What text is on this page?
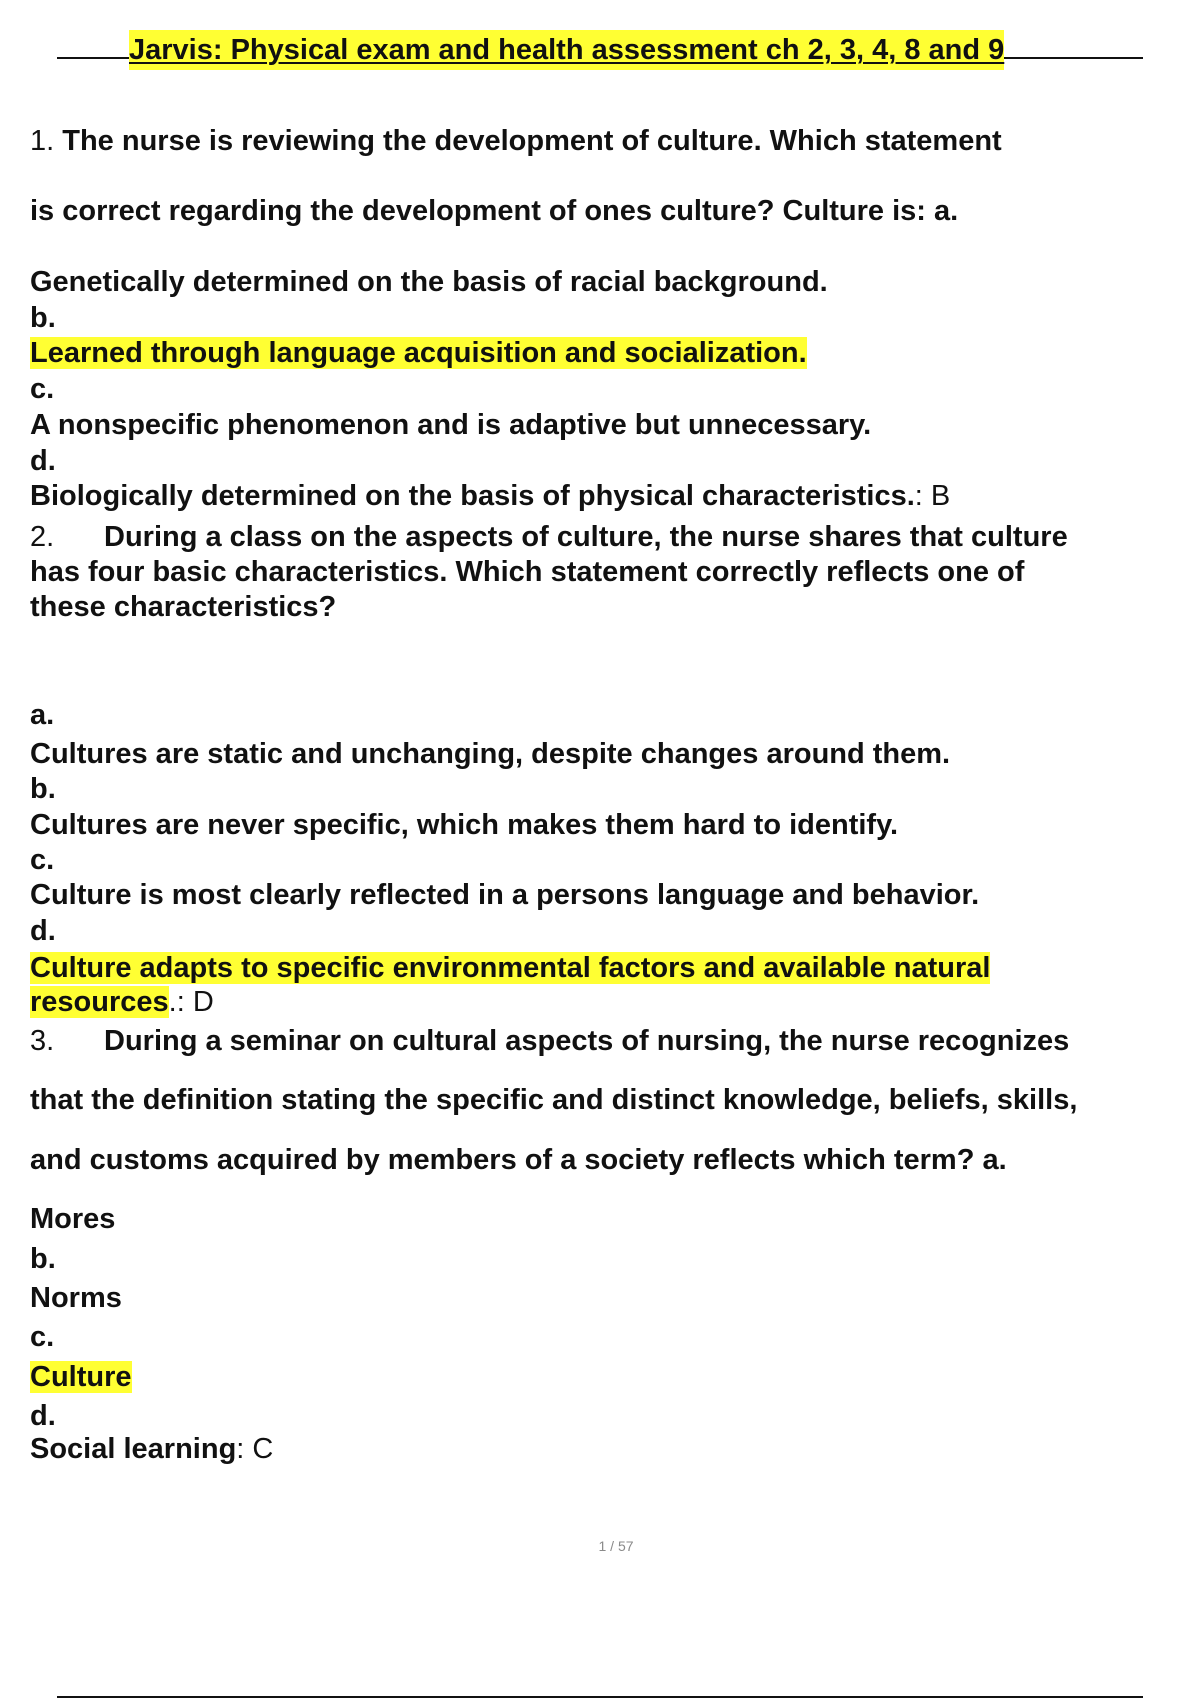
Jarvis: Physical exam and health assessment ch 2, 3, 4, 8 and 9

1. The nurse is reviewing the development of culture. Which statement

is correct regarding the development of ones culture? Culture is: a.

Genetically determined on the basis of racial background.

b.

Learned through language acquisition and socialization.

c.

A nonspecific phenomenon and is adaptive but unnecessary.

d.

Biologically determined on the basis of physical characteristics.: B

2. During a class on the aspects of culture, the nurse shares that culture

has four basic characteristics. Which statement correctly reflects one of

these characteristics?

a.

Cultures are static and unchanging, despite changes around them.

b.

Cultures are never specific, which makes them hard to identify.

c.

Culture is most clearly reflected in a persons language and behavior.

d.

Culture adapts to specific environmental factors and available natural

resources.: D

3. During a seminar on cultural aspects of nursing, the nurse recognizes

that the definition stating the specific and distinct knowledge, beliefs, skills,

and customs acquired by members of a society reflects which term? a.

Mores

b.

Norms

c.

Culture

d.

Social learning: C

1 / 57
